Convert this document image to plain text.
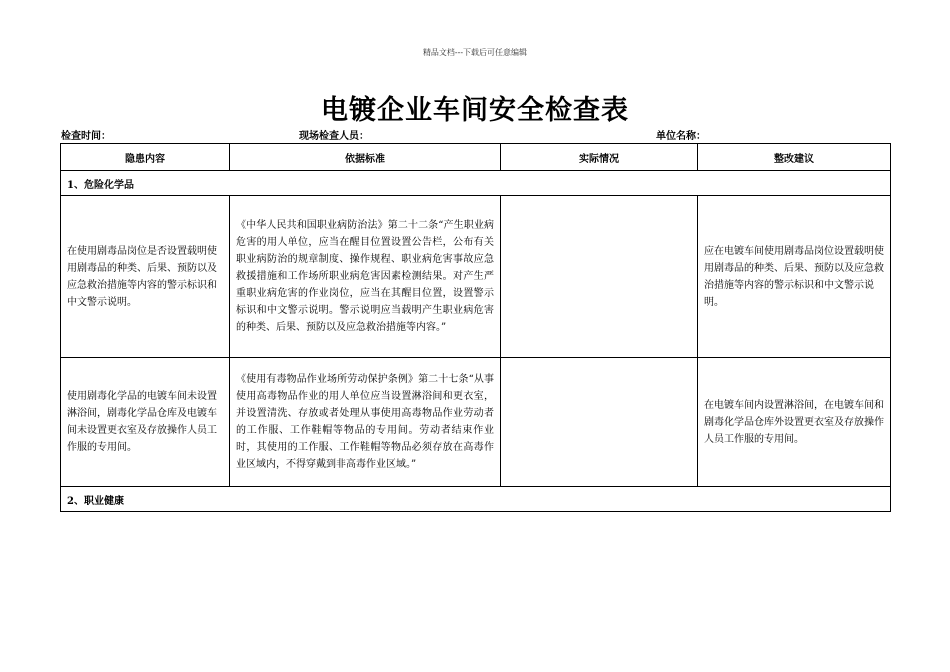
精品文档---下载后可任意编辑
电镀企业车间安全检查表
检查时间：	现场检查人员：	单位名称：
隐患内容	依据标准	实际情况	整改建议
1、危险化学品			
在使用剧毒品岗位是否设置载明使用剧毒品的种类、后果、预防以及应急救治措施等内容的警示标识和中文警示说明。	《中华人民共和国职业病防治法》第二十二条“产生职业病危害的用人单位，应当在醒目位置设置公告栏，公布有关职业病防治的规章制度、操作规程、职业病危害事故应急救援措施和工作场所职业病危害因素检测结果。对产生严重职业病危害的作业岗位，应当在其醒目位置，设置警示标识和中文警示说明。警示说明应当载明产生职业病危害的种类、后果、预防以及应急救治措施等内容。”		应在电镀车间使用剧毒品岗位设置载明使用剧毒品的种类、后果、预防以及应急救治措施等内容的警示标识和中文警示说明。
使用剧毒化学品的电镀车间未设置淋浴间，剧毒化学品仓库及电镀车间未设置更衣室及存放操作人员工作服的专用间。	《使用有毒物品作业场所劳动保护条例》第二十七条“从事使用高毒物品作业的用人单位应当设置淋浴间和更衣室，并设置清洗、存放或者处理从事使用高毒物品作业劳动者的工作服、工作鞋帽等物品的专用间。劳动者结束作业时，其使用的工作服、工作鞋帽等物品必须存放在高毒作业区域内，不得穿戴到非高毒作业区域。”		在电镀车间内设置淋浴间，在电镀车间和剧毒化学品仓库外设置更衣室及存放操作人员工作服的专用间。
2、职业健康			
